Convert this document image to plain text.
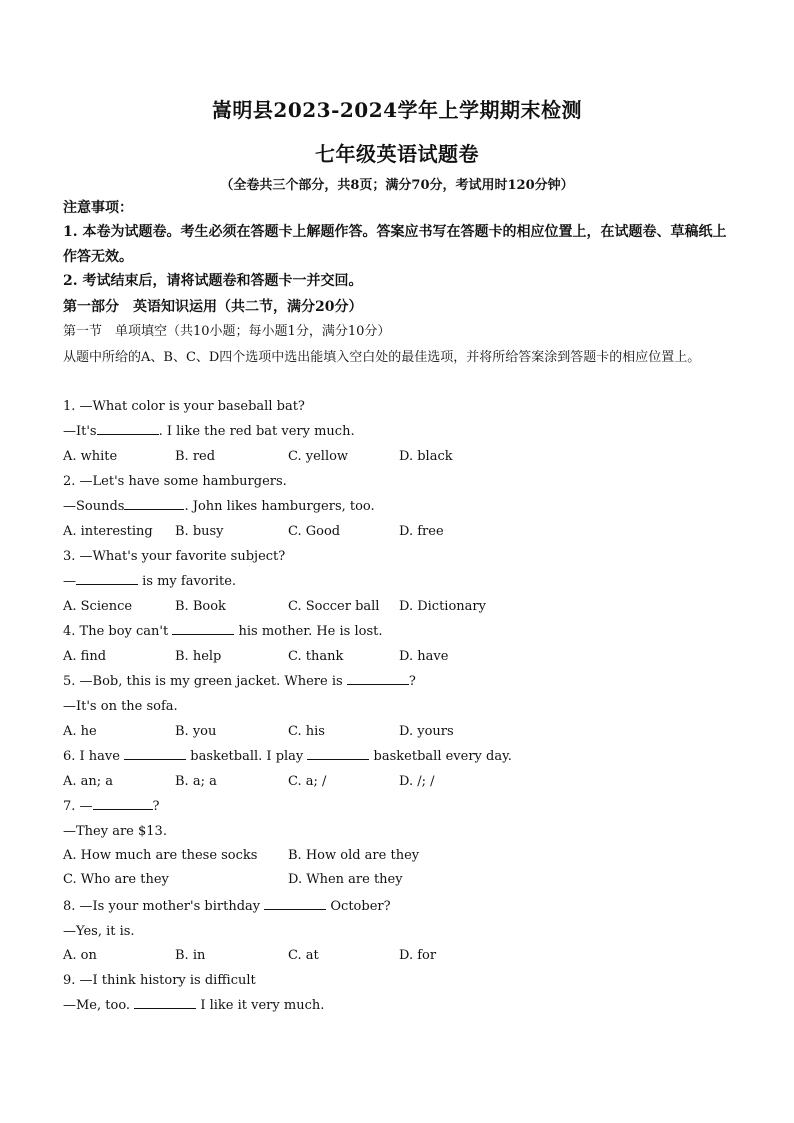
嵩明县2023-2024学年上学期期末检测
七年级英语试题卷
（全卷共三个部分，共8页；满分70分，考试用时120分钟）
注意事项：
1. 本卷为试题卷。考生必须在答题卡上解题作答。答案应书写在答题卡的相应位置上，在试题卷、草稿纸上作答无效。
2. 考试结束后，请将试题卷和答题卡一并交回。
第一部分　英语知识运用（共二节，满分20分）
第一节　单项填空（共10小题；每小题1分，满分10分）
从题中所给的A、B、C、D四个选项中选出能填入空白处的最佳选项，并将所给答案涂到答题卡的相应位置上。
1. —What color is your baseball bat?
—It's	. I like the red bat very much.
A. white	B. red	C. yellow	D. black
2. —Let's have some hamburgers.
—Sounds	. John likes hamburgers, too.
A. interesting B. busy	C. Good	D. free
3. —What's your favorite subject?
—	is my favorite.
A. Science	B. Book	C. Soccer ball D. Dictionary
4. The boy can't	his mother. He is lost.
A. find	B. help	C. thank	D. have
5. —Bob, this is my green jacket. Where is	?
—It's on the sofa.
A. he	B. you	C. his	D. yours
6. I have	basketball. I play	basketball every day.
A. an; a	B. a; a	C. a; /	D. /; /
7. —	?
—They are $13.
A. How much are these socks B. How old are they
C. Who are they	D. When are they
8. —Is your mother's birthday	October?
—Yes, it is.
A. on	B. in	C. at	D. for
9. —I think history is difficult
—Me, too.	I like it very much.
